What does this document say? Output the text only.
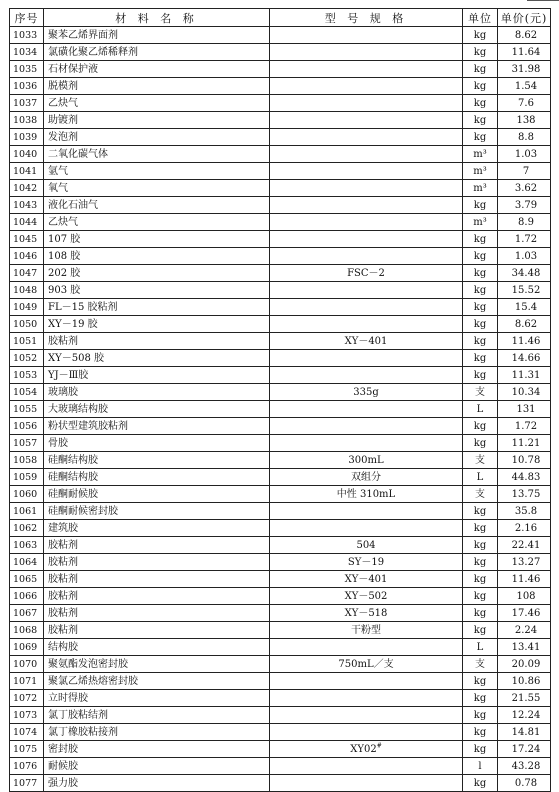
序号	材 料 名 称	型 号 规 格	单位	单价(元)
1033	聚苯乙烯界面剂		kg	8.62
1034	氯磺化聚乙烯稀释剂		kg	11.64
1035	石材保护液		kg	31.98
1036	脱模剂		kg	1.54
1037	乙炔气		kg	7.6
1038	助镀剂		kg	138
1039	发泡剂		kg	8.8
1040	二氧化碳气体		m³	1.03
1041	氩气		m³	7
1042	氧气		m³	3.62
1043	液化石油气		kg	3.79
1044	乙炔气		m³	8.9
1045	107 胶		kg	1.72
1046	108 胶		kg	1.03
1047	202 胶	FSC－2	kg	34.48
1048	903 胶		kg	15.52
1049	FL－15 胶粘剂		kg	15.4
1050	XY－19 胶		kg	8.62
1051	胶粘剂	XY－401	kg	11.46
1052	XY－508 胶		kg	14.66
1053	YJ－Ⅲ胶		kg	11.31
1054	玻璃胶	335g	支	10.34
1055	大玻璃结构胶		L	131
1056	粉状型建筑胶粘剂		kg	1.72
1057	骨胶		kg	11.21
1058	硅酮结构胶	300mL	支	10.78
1059	硅酮结构胶	双组分	L	44.83
1060	硅酮耐候胶	中性 310mL	支	13.75
1061	硅酮耐候密封胶		kg	35.8
1062	建筑胶		kg	2.16
1063	胶粘剂	504	kg	22.41
1064	胶粘剂	SY－19	kg	13.27
1065	胶粘剂	XY－401	kg	11.46
1066	胶粘剂	XY－502	kg	108
1067	胶粘剂	XY－518	kg	17.46
1068	胶粘剂	干粉型	kg	2.24
1069	结构胶		L	13.41
1070	聚氨酯发泡密封胶	750mL／支	支	20.09
1071	聚氯乙烯热熔密封胶		kg	10.86
1072	立时得胶		kg	21.55
1073	氯丁胶粘结剂		kg	12.24
1074	氯丁橡胶粘接剂		kg	14.81
1075	密封胶	XY02#	kg	17.24
1076	耐候胶		l	43.28
1077	强力胶		kg	0.78
